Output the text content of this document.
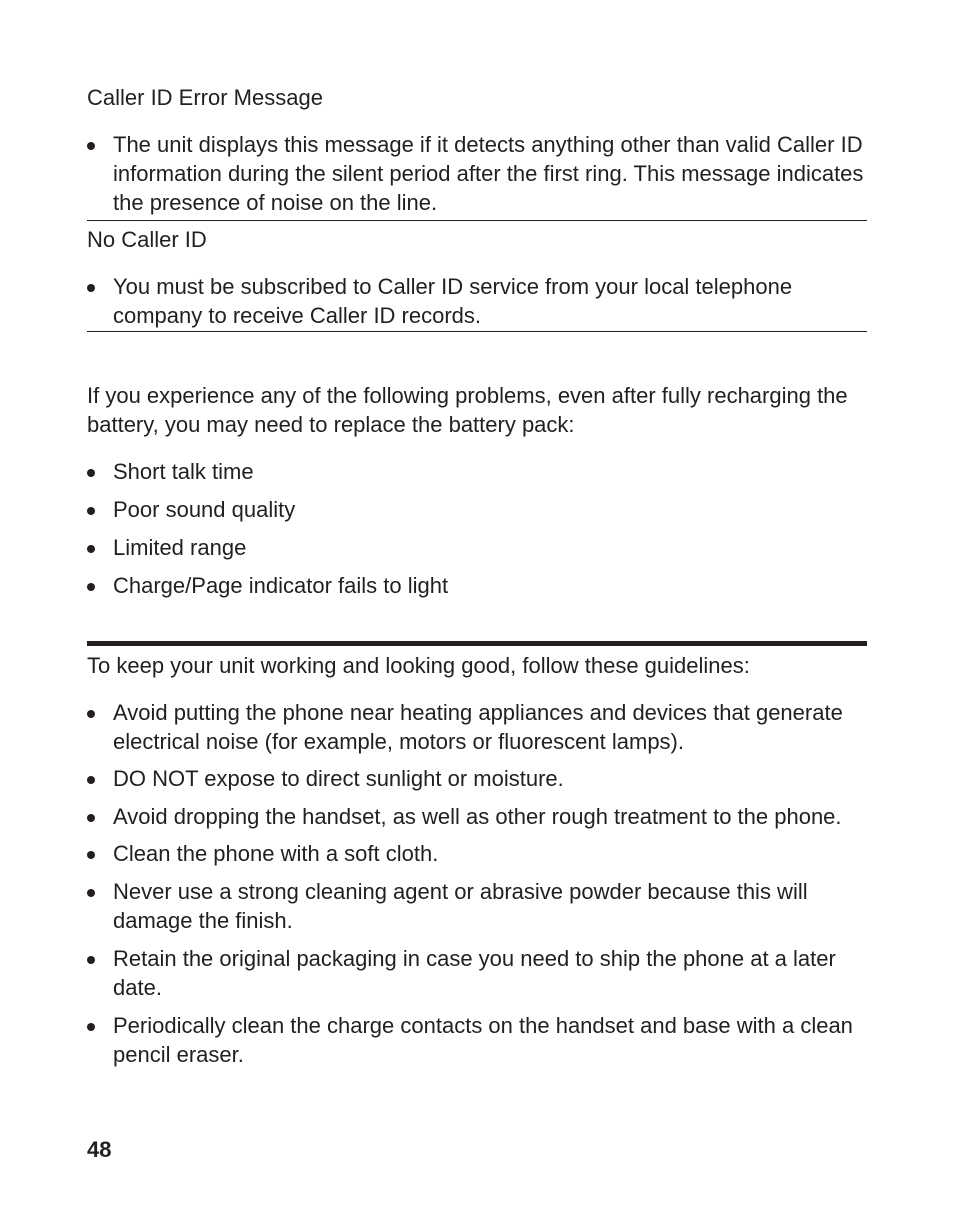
Caller ID Error Message

The unit displays this message if it detects anything other than valid Caller ID information during the silent period after the first ring. This message indicates the presence of noise on the line.

No Caller ID

You must be subscribed to Caller ID service from your local telephone company to receive Caller ID records.

If you experience any of the following problems, even after fully recharging the battery, you may need to replace the battery pack:

Short talk time
Poor sound quality
Limited range
Charge/Page indicator fails to light

To keep your unit working and looking good, follow these guidelines:

Avoid putting the phone near heating appliances and devices that generate electrical noise (for example, motors or fluorescent lamps).
DO NOT expose to direct sunlight or moisture.
Avoid dropping the handset, as well as other rough treatment to the phone.
Clean the phone with a soft cloth.
Never use a strong cleaning agent or abrasive powder because this will damage the finish.
Retain the original packaging in case you need to ship the phone at a later date.
Periodically clean the charge contacts on the handset and base with a clean pencil eraser.
48
